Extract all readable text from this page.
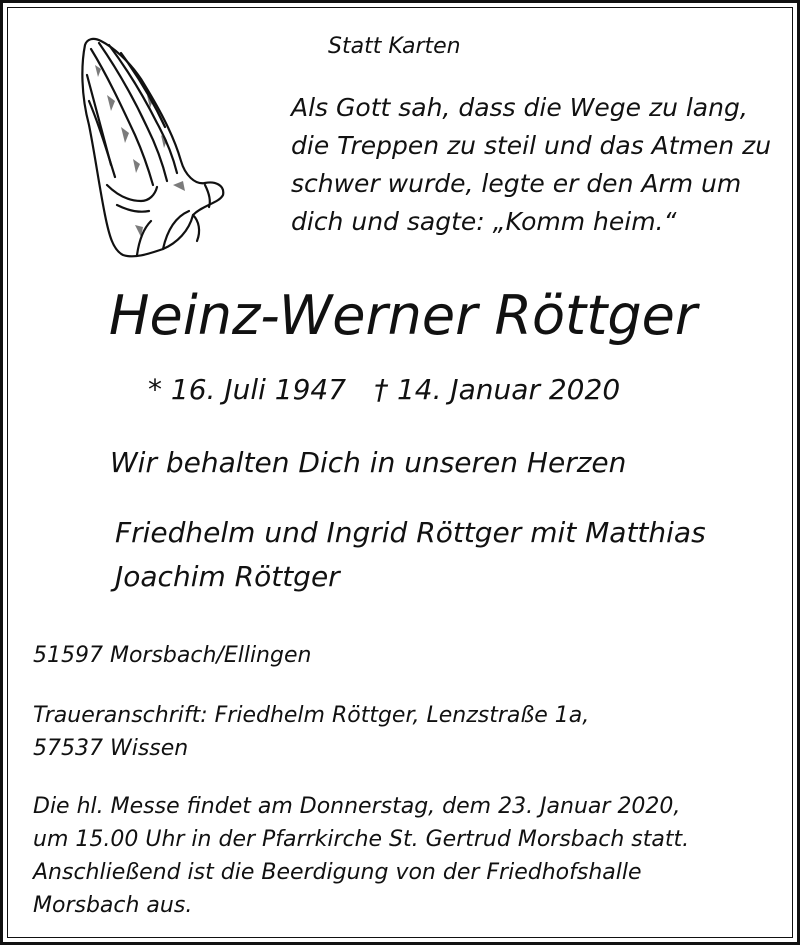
Statt Karten
Als Gott sah, dass die Wege zu lang,
die Treppen zu steil und das Atmen zu
schwer wurde, legte er den Arm um
dich und sagte: „Komm heim.“
Heinz-Werner Röttger
* 16. Juli 1947 † 14. Januar 2020
Wir behalten Dich in unseren Herzen
Friedhelm und Ingrid Röttger mit Matthias
Joachim Röttger
51597 Morsbach/Ellingen
Traueranschrift: Friedhelm Röttger, Lenzstraße 1a,
57537 Wissen
Die hl. Messe findet am Donnerstag, dem 23. Januar 2020,
um 15.00 Uhr in der Pfarrkirche St. Gertrud Morsbach statt.
Anschließend ist die Beerdigung von der Friedhofshalle
Morsbach aus.
